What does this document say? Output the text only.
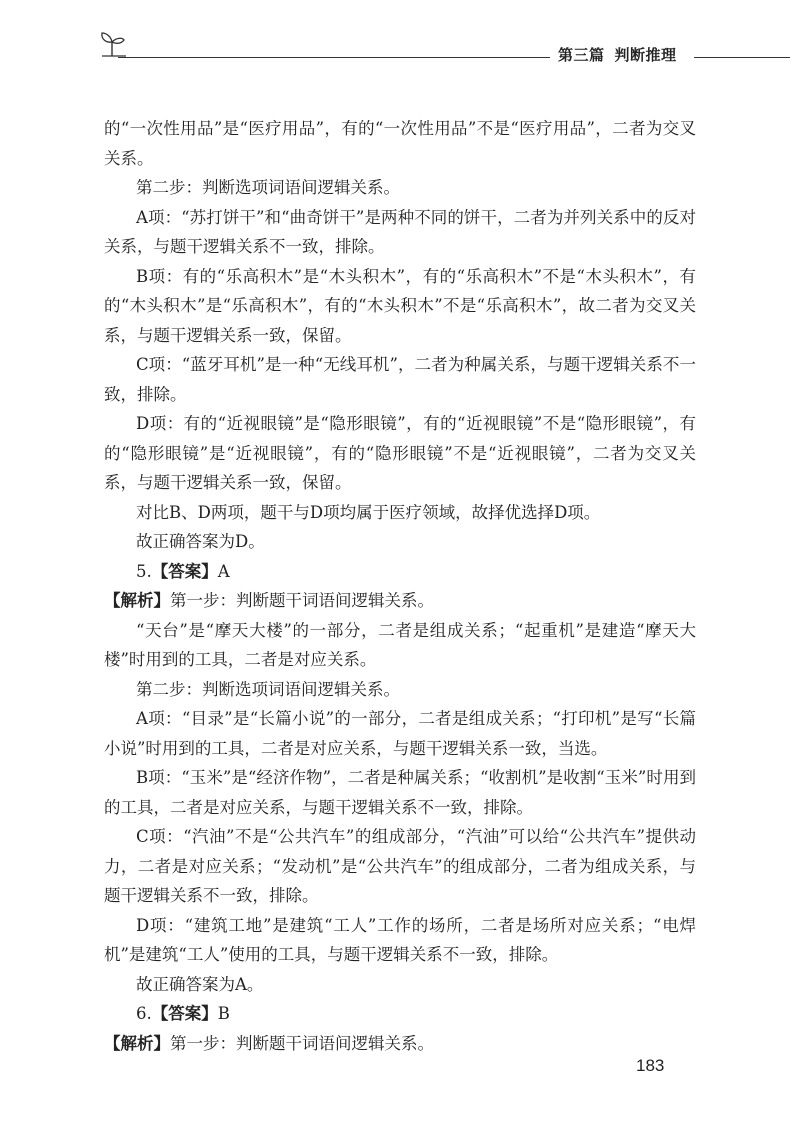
第三篇 判断推理

的“一次性用品”是“医疗用品”，有的“一次性用品”不是“医疗用品”，二者为交叉关系。

第二步：判断选项词语间逻辑关系。

A项：“苏打饼干”和“曲奇饼干”是两种不同的饼干，二者为并列关系中的反对关系，与题干逻辑关系不一致，排除。

B项：有的“乐高积木”是“木头积木”，有的“乐高积木”不是“木头积木”，有的“木头积木”是“乐高积木”，有的“木头积木”不是“乐高积木”，故二者为交叉关系，与题干逻辑关系一致，保留。

C项：“蓝牙耳机”是一种“无线耳机”，二者为种属关系，与题干逻辑关系不一致，排除。

D项：有的“近视眼镜”是“隐形眼镜”，有的“近视眼镜”不是“隐形眼镜”，有的“隐形眼镜”是“近视眼镜”，有的“隐形眼镜”不是“近视眼镜”，二者为交叉关系，与题干逻辑关系一致，保留。

对比B、D两项，题干与D项均属于医疗领域，故择优选择D项。

故正确答案为D。

5.【答案】A

【解析】第一步：判断题干词语间逻辑关系。

“天台”是“摩天大楼”的一部分，二者是组成关系；“起重机”是建造“摩天大楼”时用到的工具，二者是对应关系。

第二步：判断选项词语间逻辑关系。

A项：“目录”是“长篇小说”的一部分，二者是组成关系；“打印机”是写“长篇小说”时用到的工具，二者是对应关系，与题干逻辑关系一致，当选。

B项：“玉米”是“经济作物”，二者是种属关系；“收割机”是收割“玉米”时用到的工具，二者是对应关系，与题干逻辑关系不一致，排除。

C项：“汽油”不是“公共汽车”的组成部分，“汽油”可以给“公共汽车”提供动力，二者是对应关系；“发动机”是“公共汽车”的组成部分，二者为组成关系，与题干逻辑关系不一致，排除。

D项：“建筑工地”是建筑“工人”工作的场所，二者是场所对应关系；“电焊机”是建筑“工人”使用的工具，与题干逻辑关系不一致，排除。

故正确答案为A。

6.【答案】B

【解析】第一步：判断题干词语间逻辑关系。

183
